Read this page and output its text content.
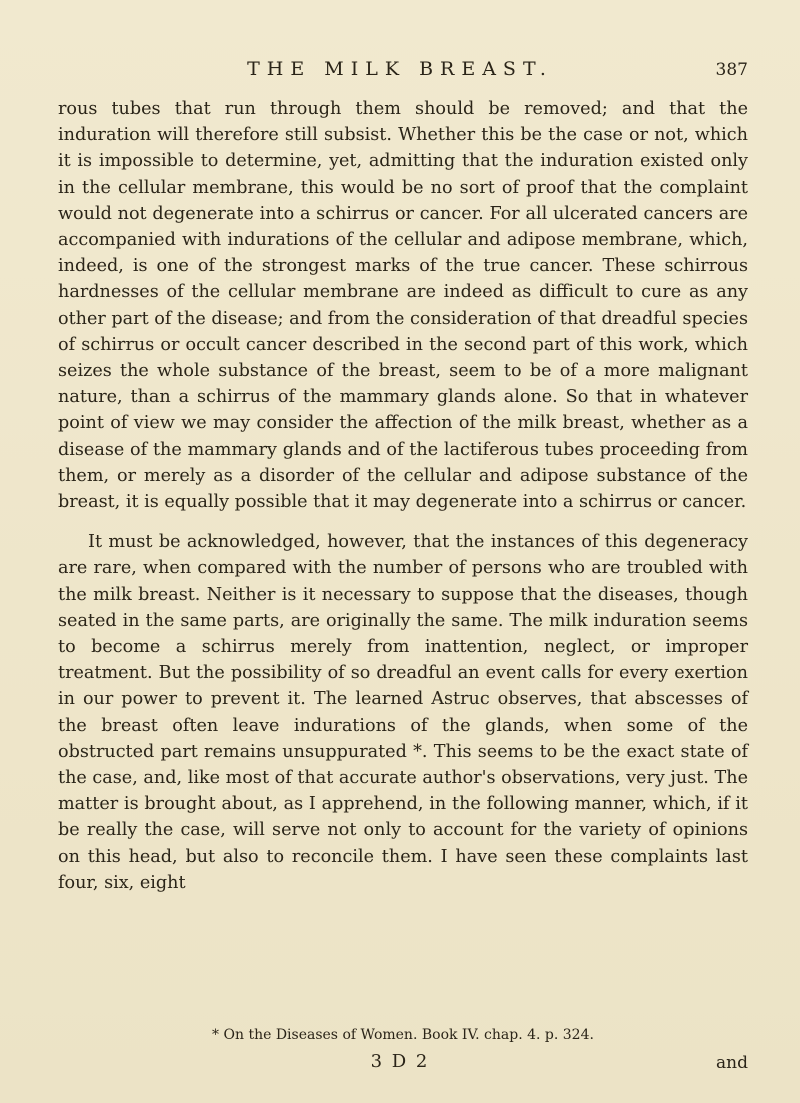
THE MILK BREAST.	387

rous tubes that run through them should be removed; and that the induration will therefore still subsist. Whether this be the case or not, which it is impossible to determine, yet, admitting that the induration existed only in the cellular membrane, this would be no sort of proof that the complaint would not degenerate into a schirrus or cancer. For all ulcerated cancers are accompanied with indurations of the cellular and adipose membrane, which, indeed, is one of the strongest marks of the true cancer. These schirrous hardnesses of the cellular membrane are indeed as difficult to cure as any other part of the disease; and from the consideration of that dreadful species of schirrus or occult cancer described in the second part of this work, which seizes the whole substance of the breast, seem to be of a more malignant nature, than a schirrus of the mammary glands alone. So that in whatever point of view we may consider the affection of the milk breast, whether as a disease of the mammary glands and of the lactiferous tubes proceeding from them, or merely as a disorder of the cellular and adipose substance of the breast, it is equally possible that it may degenerate into a schirrus or cancer.

It must be acknowledged, however, that the instances of this degeneracy are rare, when compared with the number of persons who are troubled with the milk breast. Neither is it necessary to suppose that the diseases, though seated in the same parts, are originally the same. The milk induration seems to become a schirrus merely from inattention, neglect, or improper treatment. But the possibility of so dreadful an event calls for every exertion in our power to prevent it. The learned Astruc observes, that abscesses of the breast often leave indurations of the glands, when some of the obstructed part remains unsuppurated *. This seems to be the exact state of the case, and, like most of that accurate author's observations, very just. The matter is brought about, as I apprehend, in the following manner, which, if it be really the case, will serve not only to account for the variety of opinions on this head, but also to reconcile them. I have seen these complaints last four, six, eight

* On the Diseases of Women. Book IV. chap. 4. p. 324.
3 D 2	and
